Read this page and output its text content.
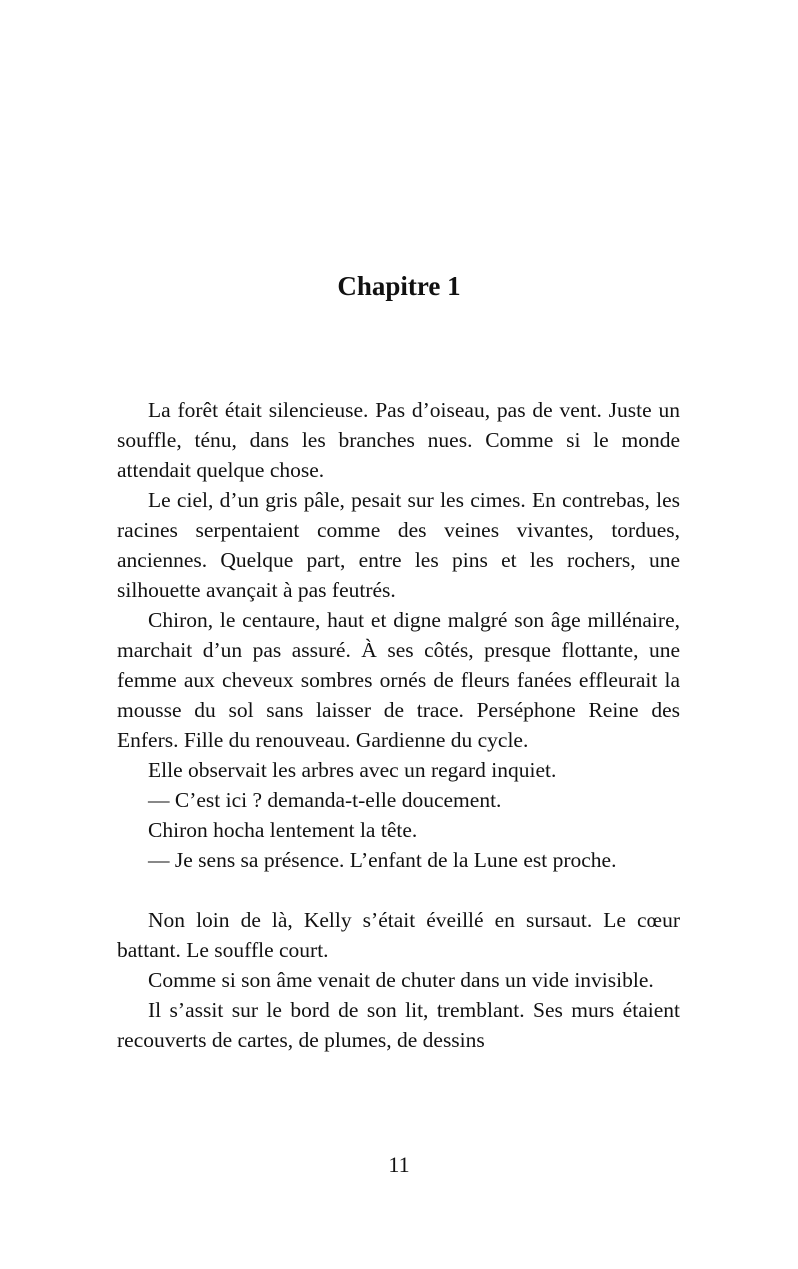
Chapitre 1

La forêt était silencieuse. Pas d’oiseau, pas de vent. Juste un souffle, ténu, dans les branches nues. Comme si le monde attendait quelque chose.

Le ciel, d’un gris pâle, pesait sur les cimes. En contrebas, les racines serpentaient comme des veines vivantes, tordues, anciennes. Quelque part, entre les pins et les rochers, une silhouette avançait à pas feutrés.

Chiron, le centaure, haut et digne malgré son âge millénaire, marchait d’un pas assuré. À ses côtés, presque flottante, une femme aux cheveux sombres ornés de fleurs fanées effleurait la mousse du sol sans laisser de trace. Perséphone Reine des Enfers. Fille du renouveau. Gardienne du cycle.

Elle observait les arbres avec un regard inquiet.

— C’est ici ? demanda-t-elle doucement.

Chiron hocha lentement la tête.

— Je sens sa présence. L’enfant de la Lune est proche.

Non loin de là, Kelly s’était éveillé en sursaut. Le cœur battant. Le souffle court.

Comme si son âme venait de chuter dans un vide invisible.

Il s’assit sur le bord de son lit, tremblant. Ses murs étaient recouverts de cartes, de plumes, de dessins

11
